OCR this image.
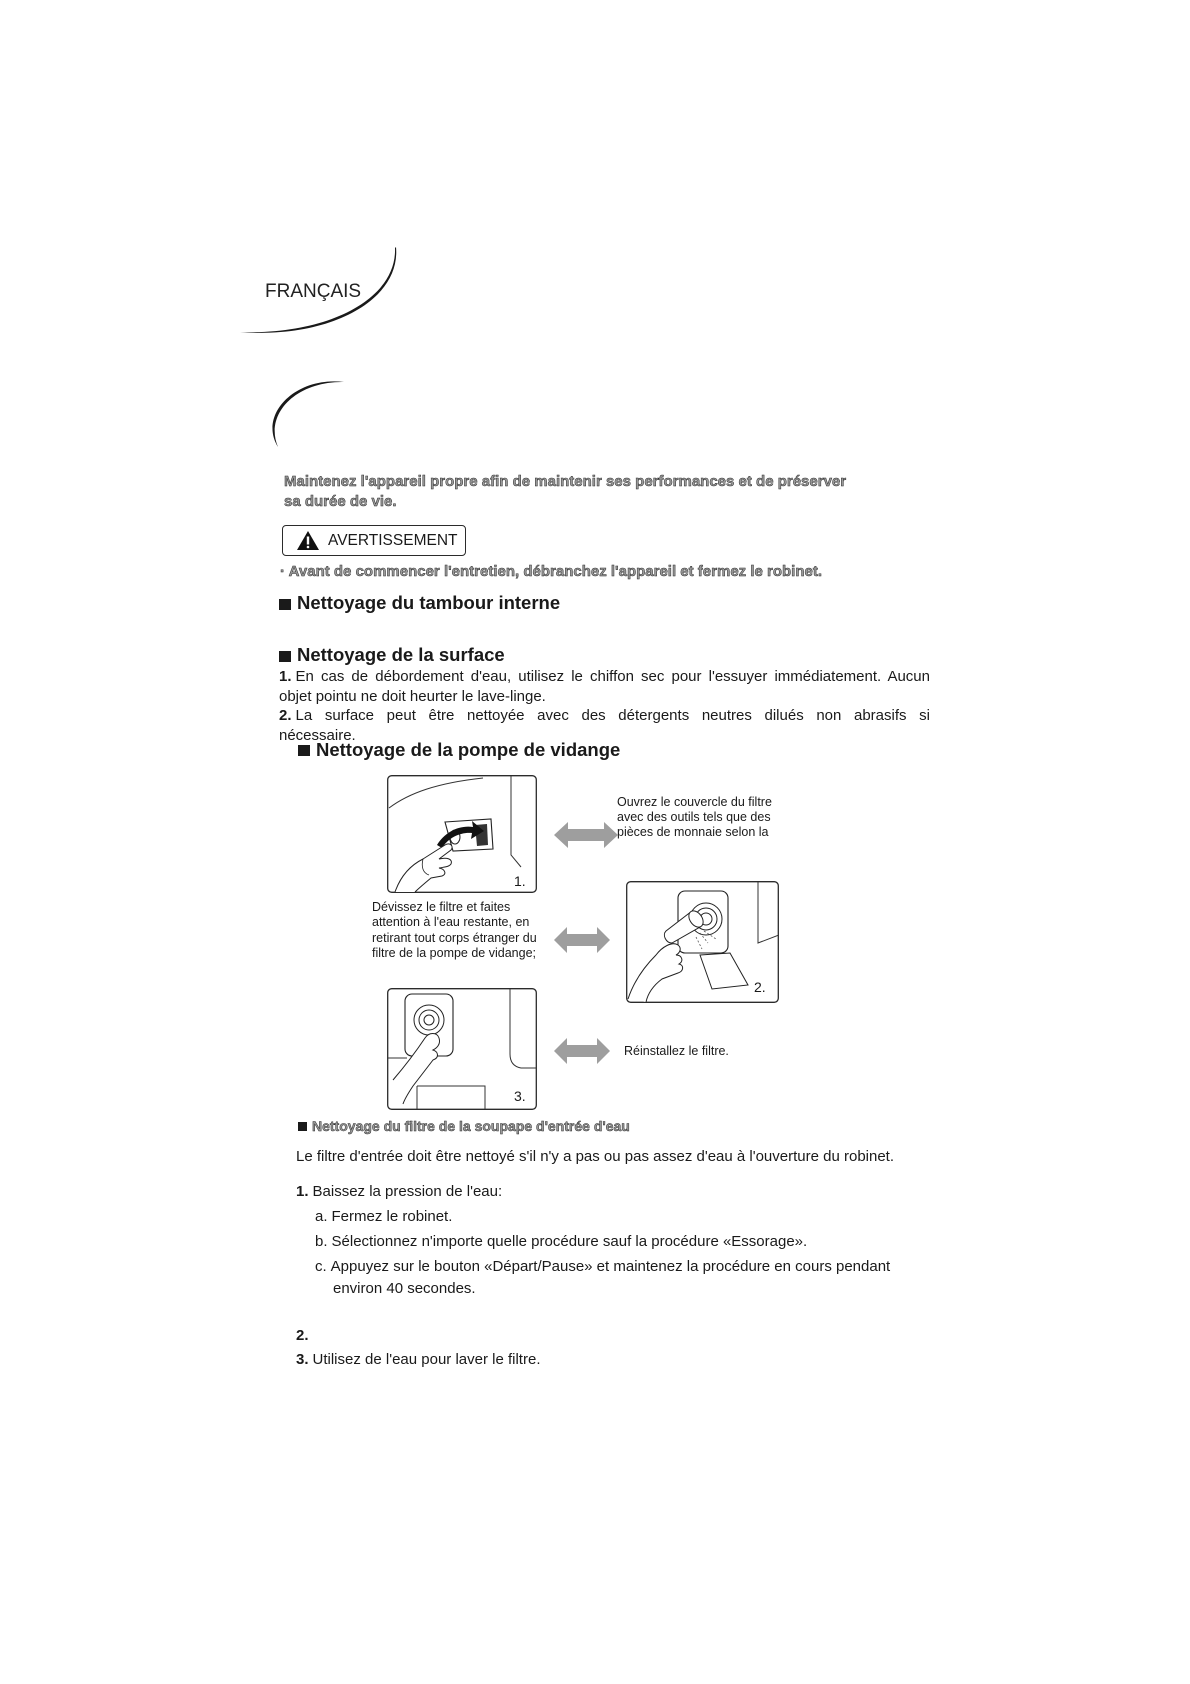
FRANÇAIS
Maintenez l'appareil propre afin de maintenir ses performances et de préserver
sa durée de vie.
AVERTISSEMENT
· Avant de commencer l'entretien, débranchez l'appareil et fermez le robinet.
Nettoyage du tambour interne
Nettoyage de la surface
1. En cas de débordement d'eau, utilisez le chiffon sec pour l'essuyer immédiatement. Aucun
objet pointu ne doit heurter le lave-linge.
2. La surface peut être nettoyée avec des détergents neutres dilués non abrasifs si
nécessaire.
Nettoyage de la pompe de vidange
1.
Ouvrez le couvercle du filtre
avec des outils tels que des
pièces de monnaie selon la
Dévissez le filtre et faites
attention à l'eau restante, en
retirant tout corps étranger du
filtre de la pompe de vidange;
2.
3.
Réinstallez le filtre.
Nettoyage du filtre de la soupape d'entrée d'eau
Le filtre d'entrée doit être nettoyé s'il n'y a pas ou pas assez d'eau à l'ouverture du robinet.
1. Baissez la pression de l'eau:
a. Fermez le robinet.
b. Sélectionnez n'importe quelle procédure sauf la procédure «Essorage».
c. Appuyez sur le bouton «Départ/Pause» et maintenez la procédure en cours pendant
environ 40 secondes.
2.
3. Utilisez de l'eau pour laver le filtre.
